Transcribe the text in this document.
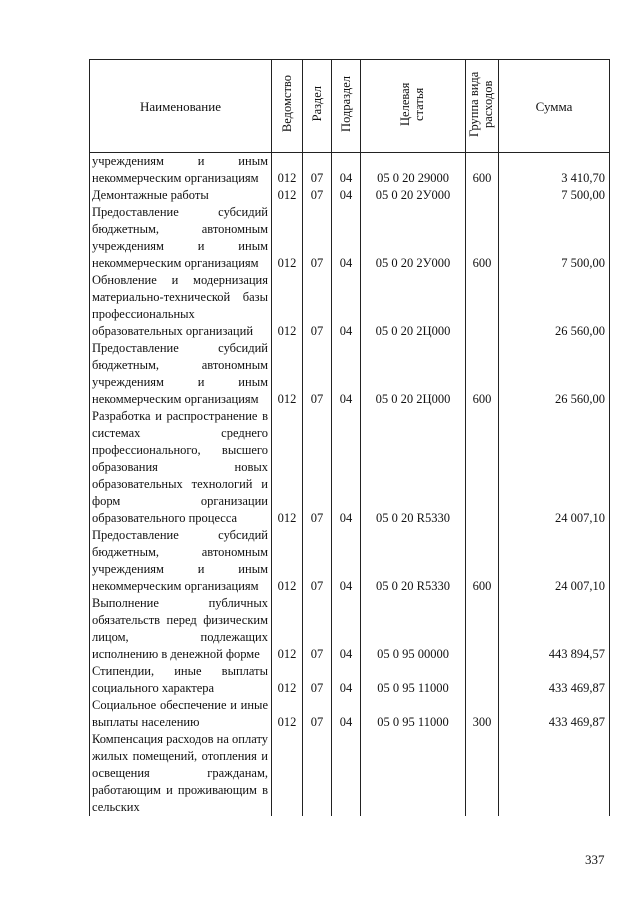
Наименование	Ведомство	Раздел	Подраздел	Целевая статья	Группа вида расходов	Сумма
учреждениям и иным некоммерческим организациям	012	07	04	05 0 20 29000	600	3 410,70
Демонтажные работы	012	07	04	05 0 20 2У000		7 500,00
Предоставление субсидий бюджетным, автономным учреждениям и иным некоммерческим организациям	012	07	04	05 0 20 2У000	600	7 500,00
Обновление и модернизация материально-технической базы профессиональных образовательных организаций	012	07	04	05 0 20 2Ц000		26 560,00
Предоставление субсидий бюджетным, автономным учреждениям и иным некоммерческим организациям	012	07	04	05 0 20 2Ц000	600	26 560,00
Разработка и распространение в системах среднего профессионального, высшего образования новых образовательных технологий и форм организации образовательного процесса	012	07	04	05 0 20 R5330		24 007,10
Предоставление субсидий бюджетным, автономным учреждениям и иным некоммерческим организациям	012	07	04	05 0 20 R5330	600	24 007,10
Выполнение публичных обязательств перед физическим лицом, подлежащих исполнению в денежной форме	012	07	04	05 0 95 00000		443 894,57
Стипендии, иные выплаты социального характера	012	07	04	05 0 95 11000		433 469,87
Социальное обеспечение и иные выплаты населению	012	07	04	05 0 95 11000	300	433 469,87
Компенсация расходов на оплату жилых помещений, отопления и освещения гражданам, работающим и проживающим в сельских						
337
